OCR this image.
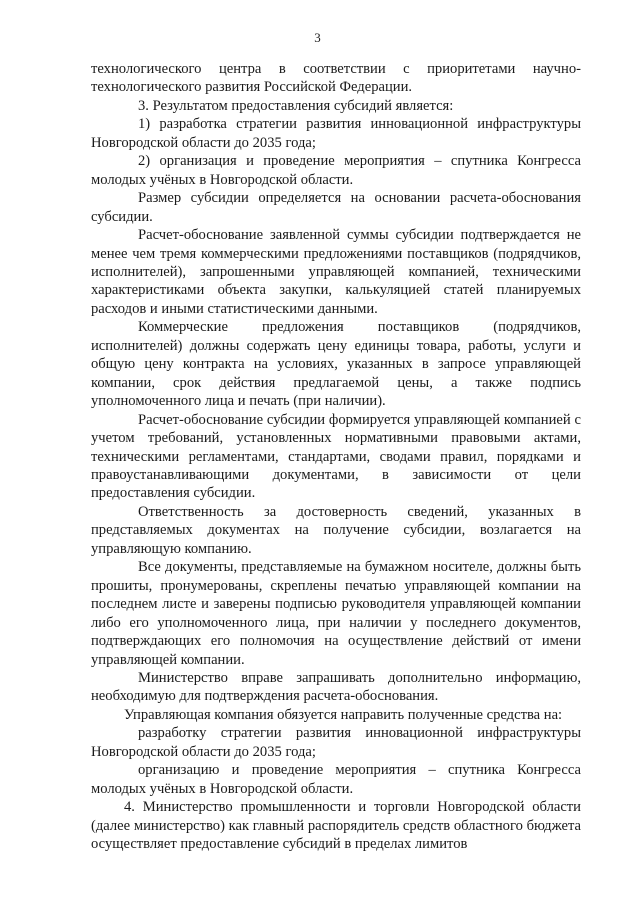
3

технологического центра в соответствии с приоритетами научно-технологического развития Российской Федерации.

3. Результатом предоставления субсидий является:

1) разработка стратегии развития инновационной инфраструктуры Новгородской области до 2035 года;

2) организация и проведение мероприятия – спутника Конгресса молодых учёных в Новгородской области.

Размер субсидии определяется на основании расчета-обоснования субсидии.

Расчет-обоснование заявленной суммы субсидии подтверждается не менее чем тремя коммерческими предложениями поставщиков (подрядчиков, исполнителей), запрошенными управляющей компанией, техническими характеристиками объекта закупки, калькуляцией статей планируемых расходов и иными статистическими данными.

Коммерческие предложения поставщиков (подрядчиков, исполнителей) должны содержать цену единицы товара, работы, услуги и общую цену контракта на условиях, указанных в запросе управляющей компании, срок действия предлагаемой цены, а также подпись уполномоченного лица и печать (при наличии).

Расчет-обоснование субсидии формируется управляющей компанией с учетом требований, установленных нормативными правовыми актами, техническими регламентами, стандартами, сводами правил, порядками и правоустанавливающими документами, в зависимости от цели предоставления субсидии.

Ответственность за достоверность сведений, указанных в представляемых документах на получение субсидии, возлагается на управляющую компанию.

Все документы, представляемые на бумажном носителе, должны быть прошиты, пронумерованы, скреплены печатью управляющей компании на последнем листе и заверены подписью руководителя управляющей компании либо его уполномоченного лица, при наличии у последнего документов, подтверждающих его полномочия на осуществление действий от имени управляющей компании.

Министерство вправе запрашивать дополнительно информацию, необходимую для подтверждения расчета-обоснования.

Управляющая компания обязуется направить полученные средства на:

разработку стратегии развития инновационной инфраструктуры Новгородской области до 2035 года;

организацию и проведение мероприятия – спутника Конгресса молодых учёных в Новгородской области.

4. Министерство промышленности и торговли Новгородской области (далее министерство) как главный распорядитель средств областного бюджета осуществляет предоставление субсидий в пределах лимитов
